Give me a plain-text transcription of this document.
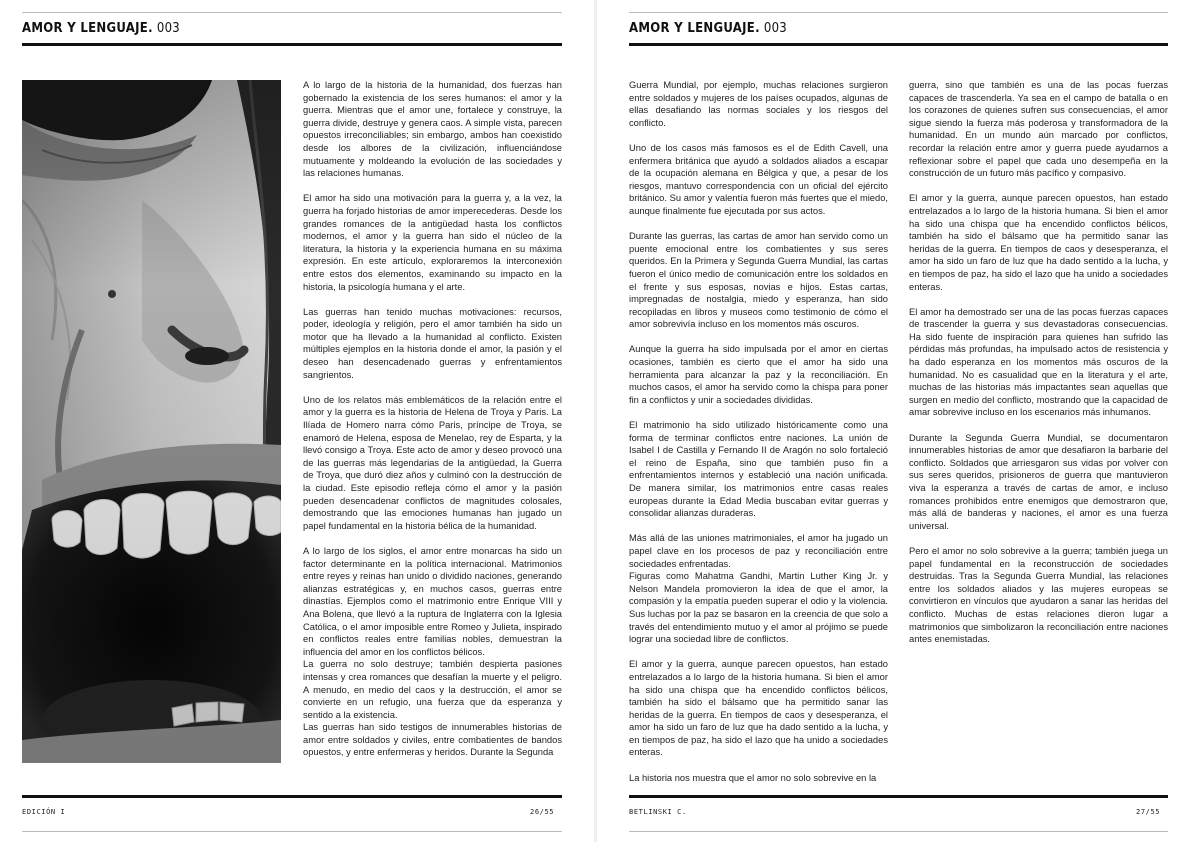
AMOR Y LENGUAJE. 003

A lo largo de la historia de la humanidad, dos fuerzas han gobernado la existencia de los seres humanos: el amor y la guerra. Mientras que el amor une, fortalece y construye, la guerra divide, destruye y genera caos. A simple vista, parecen opuestos irreconciliables; sin embargo, ambos han coexistido desde los albores de la civilización, influenciándose mutuamente y moldeando la evolución de las sociedades y las relaciones humanas.

El amor ha sido una motivación para la guerra y, a la vez, la guerra ha forjado historias de amor imperecederas. Desde los grandes romances de la antigüedad hasta los conflictos modernos, el amor y la guerra han sido el núcleo de la literatura, la historia y la experiencia humana en su máxima expresión. En este artículo, exploraremos la interconexión entre estos dos elementos, examinando su impacto en la historia, la psicología humana y el arte.

Las guerras han tenido muchas motivaciones: recursos, poder, ideología y religión, pero el amor también ha sido un motor que ha llevado a la humanidad al conflicto. Existen múltiples ejemplos en la historia donde el amor, la pasión y el deseo han desencadenado guerras y enfrentamientos sangrientos.

Uno de los relatos más emblemáticos de la relación entre el amor y la guerra es la historia de Helena de Troya y Paris. La Ilíada de Homero narra cómo Paris, príncipe de Troya, se enamoró de Helena, esposa de Menelao, rey de Esparta, y la llevó consigo a Troya. Este acto de amor y deseo provocó una de las guerras más legendarias de la antigüedad, la Guerra de Troya, que duró diez años y culminó con la destrucción de la ciudad. Este episodio refleja cómo el amor y la pasión pueden desencadenar conflictos de magnitudes colosales, demostrando que las emociones humanas han jugado un papel fundamental en la historia bélica de la humanidad.

A lo largo de los siglos, el amor entre monarcas ha sido un factor determinante en la política internacional. Matrimonios entre reyes y reinas han unido o dividido naciones, generando alianzas estratégicas y, en muchos casos, guerras entre dinastías. Ejemplos como el matrimonio entre Enrique VIII y Ana Bolena, que llevó a la ruptura de Inglaterra con la Iglesia Católica, o el amor imposible entre Romeo y Julieta, inspirado en conflictos reales entre familias nobles, demuestran la influencia del amor en los conflictos bélicos.

La guerra no solo destruye; también despierta pasiones intensas y crea romances que desafían la muerte y el peligro. A menudo, en medio del caos y la destrucción, el amor se convierte en un refugio, una fuerza que da esperanza y sentido a la existencia.

Las guerras han sido testigos de innumerables historias de amor entre soldados y civiles, entre combatientes de bandos opuestos, y entre enfermeras y heridos. Durante la Segunda

EDICIÓN I	26/55
AMOR Y LENGUAJE. 003

Guerra Mundial, por ejemplo, muchas relaciones surgieron entre soldados y mujeres de los países ocupados, algunas de ellas desafiando las normas sociales y los riesgos del conflicto.

Uno de los casos más famosos es el de Edith Cavell, una enfermera británica que ayudó a soldados aliados a escapar de la ocupación alemana en Bélgica y que, a pesar de los riesgos, mantuvo correspondencia con un oficial del ejército británico. Su amor y valentía fueron más fuertes que el miedo, aunque finalmente fue ejecutada por sus actos.

Durante las guerras, las cartas de amor han servido como un puente emocional entre los combatientes y sus seres queridos. En la Primera y Segunda Guerra Mundial, las cartas fueron el único medio de comunicación entre los soldados en el frente y sus esposas, novias e hijos. Estas cartas, impregnadas de nostalgia, miedo y esperanza, han sido recopiladas en libros y museos como testimonio de cómo el amor sobrevivía incluso en los momentos más oscuros.

Aunque la guerra ha sido impulsada por el amor en ciertas ocasiones, también es cierto que el amor ha sido una herramienta para alcanzar la paz y la reconciliación. En muchos casos, el amor ha servido como la chispa para poner fin a conflictos y unir a sociedades divididas.

El matrimonio ha sido utilizado históricamente como una forma de terminar conflictos entre naciones. La unión de Isabel I de Castilla y Fernando II de Aragón no solo fortaleció el reino de España, sino que también puso fin a enfrentamientos internos y estableció una nación unificada. De manera similar, los matrimonios entre casas reales europeas durante la Edad Media buscaban evitar guerras y consolidar alianzas duraderas.

Más allá de las uniones matrimoniales, el amor ha jugado un papel clave en los procesos de paz y reconciliación entre sociedades enfrentadas.

Figuras como Mahatma Gandhi, Martin Luther King Jr. y Nelson Mandela promovieron la idea de que el amor, la compasión y la empatía pueden superar el odio y la violencia. Sus luchas por la paz se basaron en la creencia de que solo a través del entendimiento mutuo y el amor al prójimo se puede lograr una sociedad libre de conflictos.

El amor y la guerra, aunque parecen opuestos, han estado entrelazados a lo largo de la historia humana. Si bien el amor ha sido una chispa que ha encendido conflictos bélicos, también ha sido el bálsamo que ha permitido sanar las heridas de la guerra. En tiempos de caos y desesperanza, el amor ha sido un faro de luz que ha dado sentido a la lucha, y en tiempos de paz, ha sido el lazo que ha unido a sociedades enteras.

La historia nos muestra que el amor no solo sobrevive en la

guerra, sino que también es una de las pocas fuerzas capaces de trascenderla. Ya sea en el campo de batalla o en los corazones de quienes sufren sus consecuencias, el amor sigue siendo la fuerza más poderosa y transformadora de la humanidad. En un mundo aún marcado por conflictos, recordar la relación entre amor y guerra puede ayudarnos a reflexionar sobre el papel que cada uno desempeña en la construcción de un futuro más pacífico y compasivo.

El amor y la guerra, aunque parecen opuestos, han estado entrelazados a lo largo de la historia humana. Si bien el amor ha sido una chispa que ha encendido conflictos bélicos, también ha sido el bálsamo que ha permitido sanar las heridas de la guerra. En tiempos de caos y desesperanza, el amor ha sido un faro de luz que ha dado sentido a la lucha, y en tiempos de paz, ha sido el lazo que ha unido a sociedades enteras.

El amor ha demostrado ser una de las pocas fuerzas capaces de trascender la guerra y sus devastadoras consecuencias. Ha sido fuente de inspiración para quienes han sufrido las pérdidas más profundas, ha impulsado actos de resistencia y ha dado esperanza en los momentos más oscuros de la humanidad. No es casualidad que en la literatura y el arte, muchas de las historias más impactantes sean aquellas que surgen en medio del conflicto, mostrando que la capacidad de amar sobrevive incluso en los escenarios más inhumanos.

Durante la Segunda Guerra Mundial, se documentaron innumerables historias de amor que desafiaron la barbarie del conflicto. Soldados que arriesgaron sus vidas por volver con sus seres queridos, prisioneros de guerra que mantuvieron viva la esperanza a través de cartas de amor, e incluso romances prohibidos entre enemigos que demostraron que, más allá de banderas y naciones, el amor es una fuerza universal.

Pero el amor no solo sobrevive a la guerra; también juega un papel fundamental en la reconstrucción de sociedades destruidas. Tras la Segunda Guerra Mundial, las relaciones entre los soldados aliados y las mujeres europeas se convirtieron en vínculos que ayudaron a sanar las heridas del conflicto. Muchas de estas relaciones dieron lugar a matrimonios que simbolizaron la reconciliación entre naciones antes enemistadas.

BETLINSKI C.	27/55
